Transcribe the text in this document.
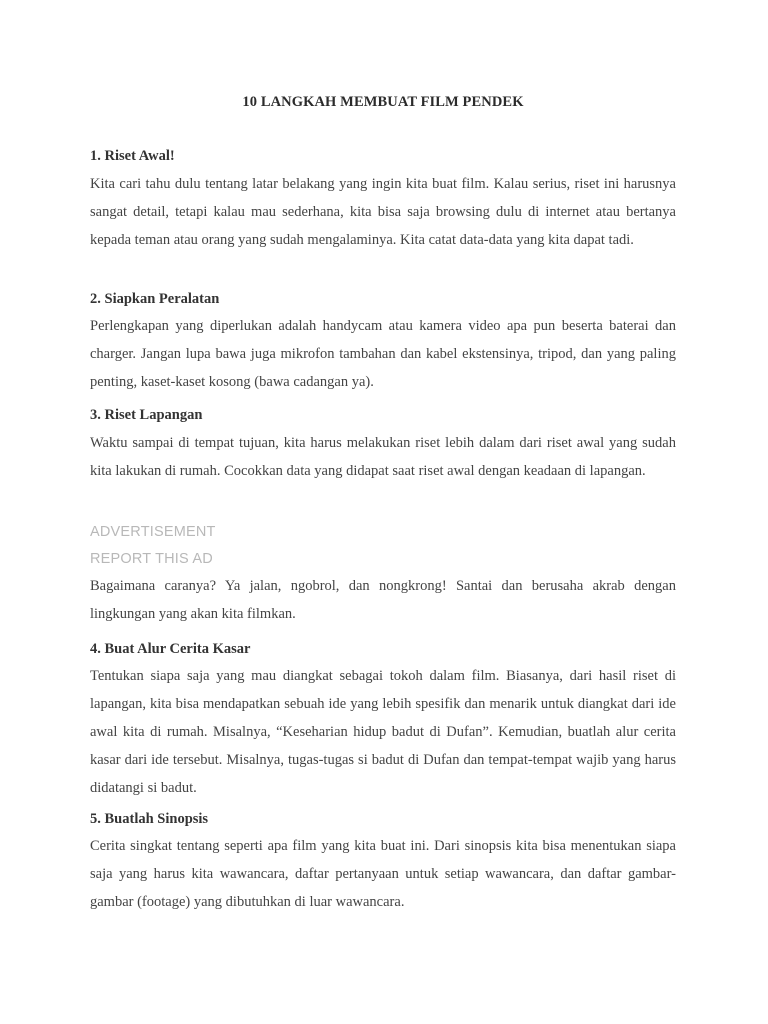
10 LANGKAH MEMBUAT FILM PENDEK
1. Riset Awal!

Kita cari tahu dulu tentang latar belakang yang ingin kita buat film. Kalau serius, riset ini harusnya sangat detail, tetapi kalau mau sederhana, kita bisa saja browsing dulu di internet atau bertanya kepada teman atau orang yang sudah mengalaminya. Kita catat data-data yang kita dapat tadi.

2. Siapkan Peralatan

Perlengkapan yang diperlukan adalah handycam atau kamera video apa pun beserta baterai dan charger. Jangan lupa bawa juga mikrofon tambahan dan kabel ekstensinya, tripod, dan yang paling penting, kaset-kaset kosong (bawa cadangan ya).

3. Riset Lapangan

Waktu sampai di tempat tujuan, kita harus melakukan riset lebih dalam dari riset awal yang sudah kita lakukan di rumah. Cocokkan data yang didapat saat riset awal dengan keadaan di lapangan.

ADVERTISEMENT
REPORT THIS AD

Bagaimana caranya? Ya jalan, ngobrol, dan nongkrong! Santai dan berusaha akrab dengan lingkungan yang akan kita filmkan.

4. Buat Alur Cerita Kasar

Tentukan siapa saja yang mau diangkat sebagai tokoh dalam film. Biasanya, dari hasil riset di lapangan, kita bisa mendapatkan sebuah ide yang lebih spesifik dan menarik untuk diangkat dari ide awal kita di rumah. Misalnya, “Keseharian hidup badut di Dufan”. Kemudian, buatlah alur cerita kasar dari ide tersebut. Misalnya, tugas-tugas si badut di Dufan dan tempat-tempat wajib yang harus didatangi si badut.

5. Buatlah Sinopsis

Cerita singkat tentang seperti apa film yang kita buat ini. Dari sinopsis kita bisa menentukan siapa saja yang harus kita wawancara, daftar pertanyaan untuk setiap wawancara, dan daftar gambar-gambar (footage) yang dibutuhkan di luar wawancara.
